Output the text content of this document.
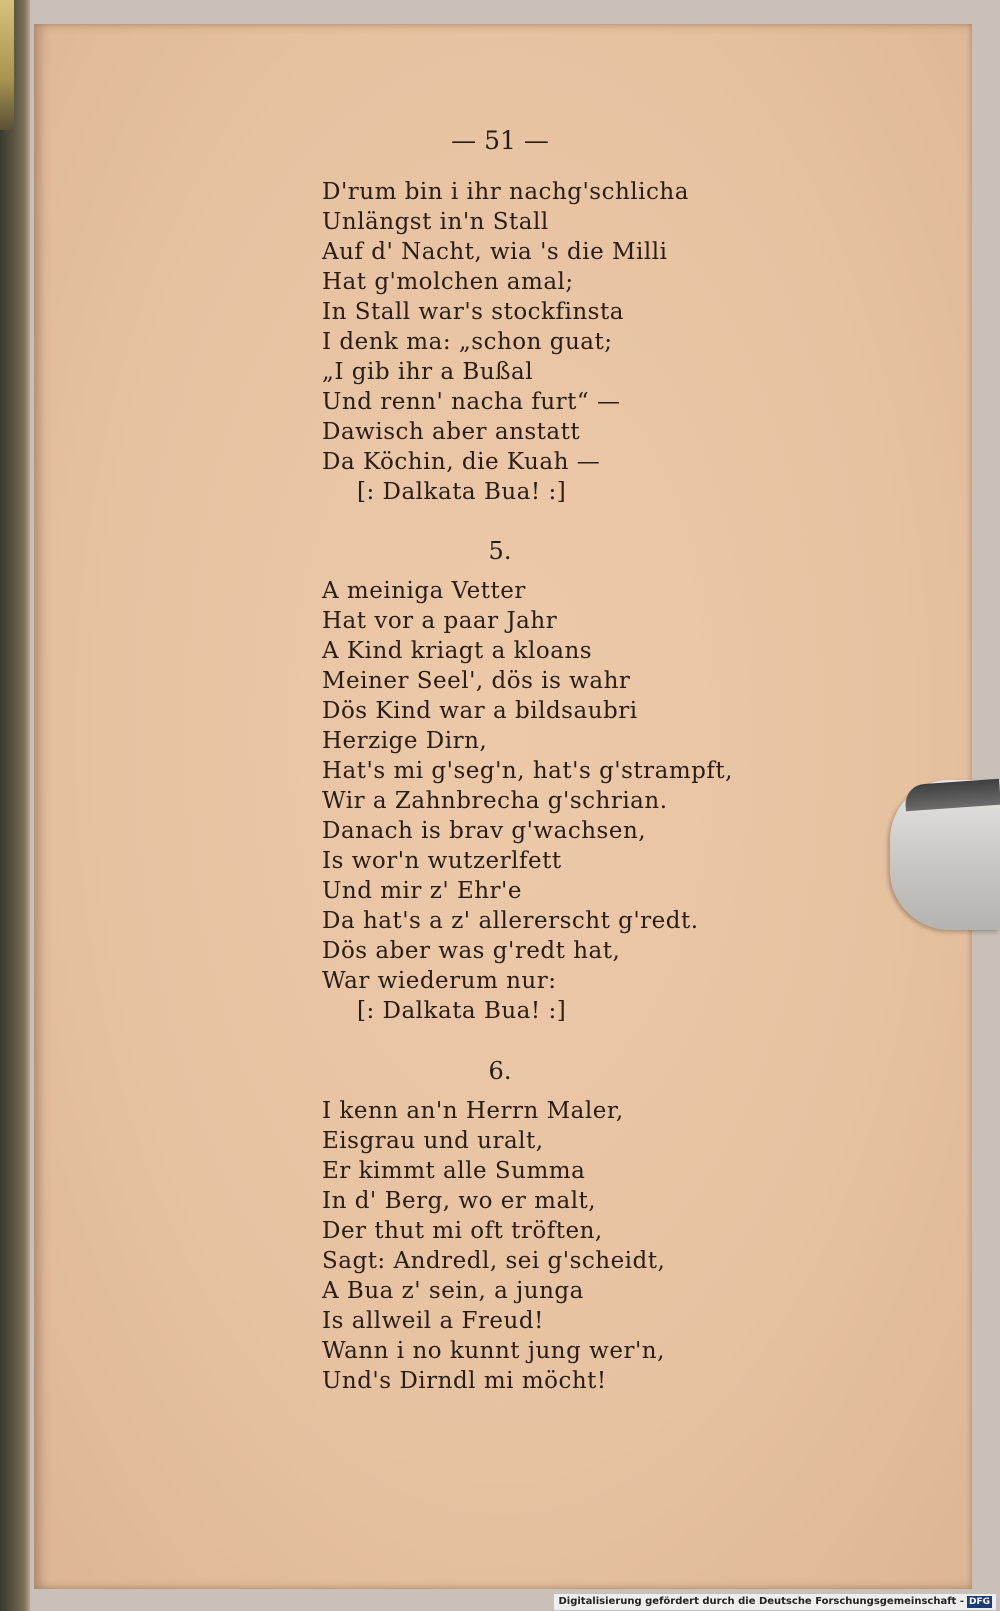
— 51 —
D'rum bin i ihr nachg'schlicha
Unlängst in'n Stall
Auf d' Nacht, wia 's die Milli
Hat g'molchen amal;
In Stall war's stockfinsta
I denk ma: „schon guat;
„I gib ihr a Bußal
Und renn' nacha furt“ —
Dawisch aber anstatt
Da Köchin, die Kuah —
[: Dalkata Bua! :]
5.
A meiniga Vetter
Hat vor a paar Jahr
A Kind kriagt a kloans
Meiner Seel', dös is wahr
Dös Kind war a bildsaubri
Herzige Dirn,
Hat's mi g'seg'n, hat's g'strampft,
Wir a Zahnbrecha g'schrian.
Danach is brav g'wachsen,
Is wor'n wutzerlfett
Und mir z' Ehr'e
Da hat's a z' allererscht g'redt.
Dös aber was g'redt hat,
War wiederum nur:
[: Dalkata Bua! :]
6.
I kenn an'n Herrn Maler,
Eisgrau und uralt,
Er kimmt alle Summa
In d' Berg, wo er malt,
Der thut mi oft tröften,
Sagt: Andredl, sei g'scheidt,
A Bua z' sein, a junga
Is allweil a Freud!
Wann i no kunnt jung wer'n,
Und's Dirndl mi möcht!
Digitalisierung gefördert durch die Deutsche Forschungsgemeinschaft - DFG
